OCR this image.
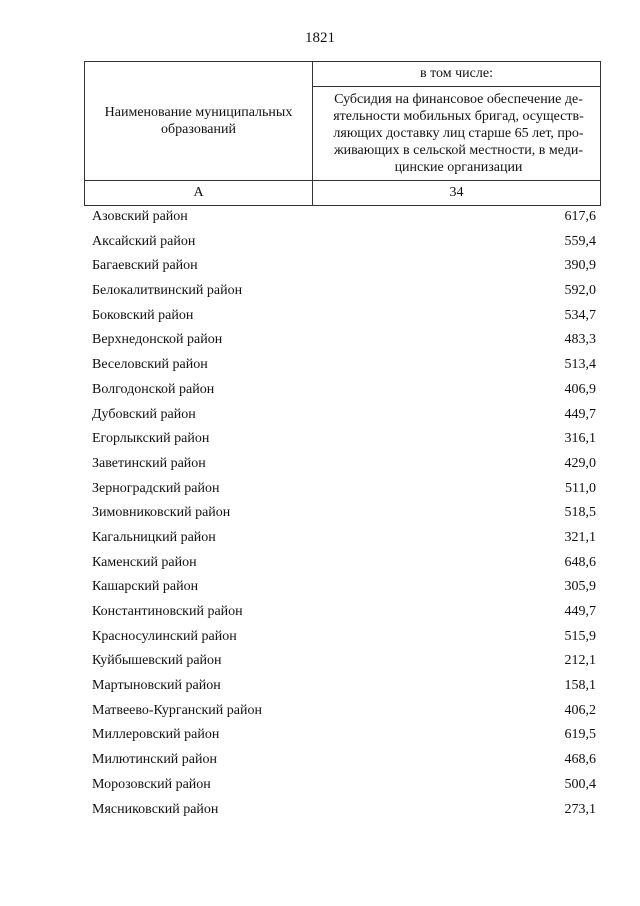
1821
Наименование муниципальных образований
в том числе:
Субсидия на финансовое обеспечение де-
ятельности мобильных бригад, осуществ-
ляющих доставку лиц старше 65 лет, про-
живающих в сельской местности, в меди-
цинские организации
А	34
Азовский район	617,6
Аксайский район	559,4
Багаевский район	390,9
Белокалитвинский район	592,0
Боковский район	534,7
Верхнедонской район	483,3
Веселовский район	513,4
Волгодонской район	406,9
Дубовский район	449,7
Егорлыкский район	316,1
Заветинский район	429,0
Зерноградский район	511,0
Зимовниковский район	518,5
Кагальницкий район	321,1
Каменский район	648,6
Кашарский район	305,9
Константиновский район	449,7
Красносулинский район	515,9
Куйбышевский район	212,1
Мартыновский район	158,1
Матвеево-Курганский район	406,2
Миллеровский район	619,5
Милютинский район	468,6
Морозовский район	500,4
Мясниковский район	273,1
